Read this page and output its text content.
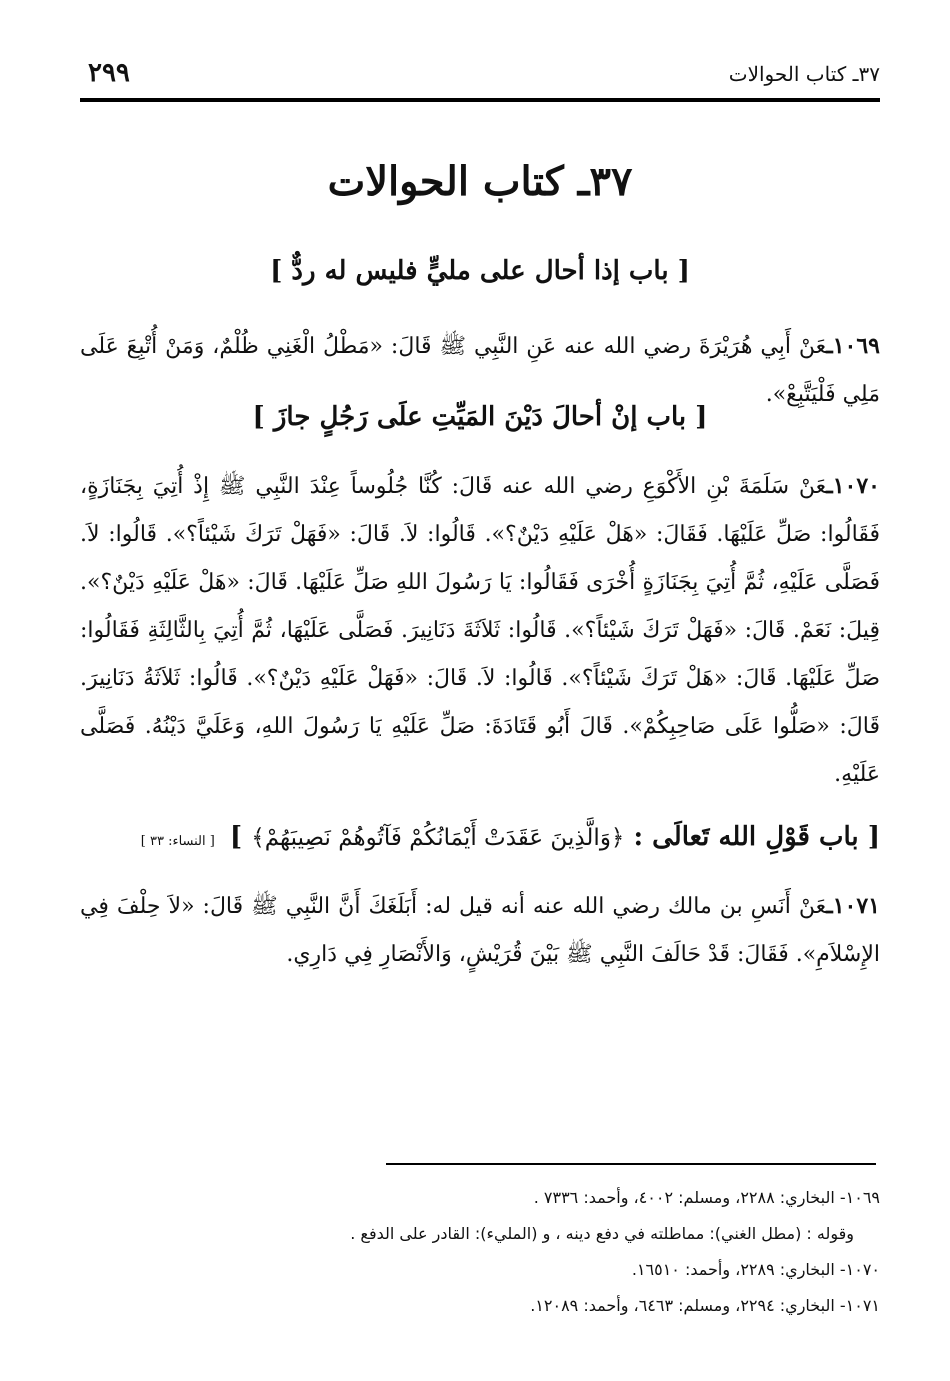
٣٧ـ كتاب الحوالات
٢٩٩
٣٧ـ كتاب الحوالات
[ باب إذا أحال على مليٍّ فليس له ردٌّ ]
١٠٦٩ـعَنْ أَبِي هُرَيْرَةَ رضي الله عنه عَنِ النَّبِي ﷺ قَالَ: «مَطْلُ الْغَنِي ظُلْمٌ، وَمَنْ أُتْبِعَ عَلَى مَلِي فَلْيَتَّبِعْ».
[ باب إنْ أحالَ دَيْنَ المَيِّتِ علَى رَجُلٍ جازَ ]
١٠٧٠ـعَنْ سَلَمَةَ بْنِ الأَكْوَعِ رضي الله عنه قَالَ: كُنَّا جُلُوساً عِنْدَ النَّبِي ﷺ إِذْ أُتِيَ بِجَنَازَةٍ، فَقَالُوا: صَلِّ عَلَيْهَا. فَقَالَ: «هَلْ عَلَيْهِ دَيْنٌ؟». قَالُوا: لاَ. قَالَ: «فَهَلْ تَرَكَ شَيْئاً؟». قَالُوا: لاَ. فَصَلَّى عَلَيْهِ، ثُمَّ أُتِيَ بِجَنَازَةٍ أُخْرَى فَقَالُوا: يَا رَسُولَ اللهِ صَلِّ عَلَيْهَا. قَالَ: «هَلْ عَلَيْهِ دَيْنٌ؟». قِيلَ: نَعَمْ. قَالَ: «فَهَلْ تَرَكَ شَيْئاً؟». قَالُوا: ثَلاَثَةَ دَنَانِيرَ. فَصَلَّى عَلَيْهَا، ثُمَّ أُتِيَ بِالثَّالِثَةِ فَقَالُوا: صَلِّ عَلَيْهَا. قَالَ: «هَلْ تَرَكَ شَيْئاً؟». قَالُوا: لاَ. قَالَ: «فَهَلْ عَلَيْهِ دَيْنٌ؟». قَالُوا: ثَلاَثَةُ دَنَانِيرَ. قَالَ: «صَلُّوا عَلَى صَاحِبِكُمْ». قَالَ أَبُو قَتَادَةَ: صَلِّ عَلَيْهِ يَا رَسُولَ اللهِ، وَعَلَيَّ دَيْنُهُ. فَصَلَّى عَلَيْهِ.
[ باب قَوْلِ الله تَعالَى : ﴿وَالَّذِينَ عَقَدَتْ أَيْمَانُكُمْ فَآتُوهُمْ نَصِيبَهُمْ﴾ ] [ النساء: ٣٣ ]
١٠٧١ـعَنْ أَنَسِ بن مالك رضي الله عنه أنه قيل له: أَبَلَغَكَ أَنَّ النَّبِي ﷺ قَالَ: «لاَ حِلْفَ فِي الإِسْلاَمِ». فَقَالَ: قَدْ حَالَفَ النَّبِي ﷺ بَيْنَ قُرَيْشٍ، وَالأَنْصَارِ فِي دَارِي.
١٠٦٩- البخاري: ٢٢٨٨، ومسلم: ٤٠٠٢، وأحمد: ٧٣٣٦ .
وقوله : (مطل الغني): مماطلته في دفع دينه ، و (المليء): القادر على الدفع .
١٠٧٠- البخاري: ٢٢٨٩، وأحمد: ١٦٥١٠.
١٠٧١- البخاري: ٢٢٩٤، ومسلم: ٦٤٦٣، وأحمد: ١٢٠٨٩.
